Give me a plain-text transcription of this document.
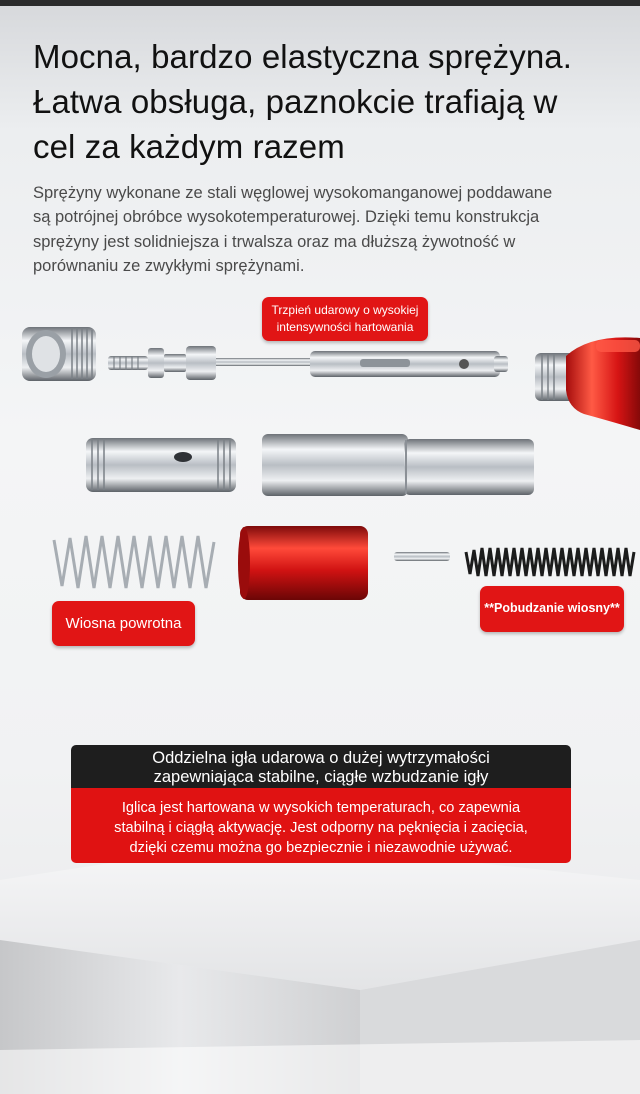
Mocna, bardzo elastyczna sprężyna.
Łatwa obsługa, paznokcie trafiają w
cel za każdym razem

Sprężyny wykonane ze stali węglowej wysokomanganowej poddawane
są potrójnej obróbce wysokotemperaturowej. Dzięki temu konstrukcja
sprężyny jest solidniejsza i trwalsza oraz ma dłuższą żywotność w
porównaniu ze zwykłymi sprężynami.

Trzpień udarowy o wysokiej
intensywności hartowania
Wiosna powrotna
**Pobudzanie wiosny**
Oddzielna igła udarowa o dużej wytrzymałości
zapewniająca stabilne, ciągłe wzbudzanie igły
Iglica jest hartowana w wysokich temperaturach, co zapewnia
stabilną i ciągłą aktywację. Jest odporny na pęknięcia i zacięcia,
dzięki czemu można go bezpiecznie i niezawodnie używać.
